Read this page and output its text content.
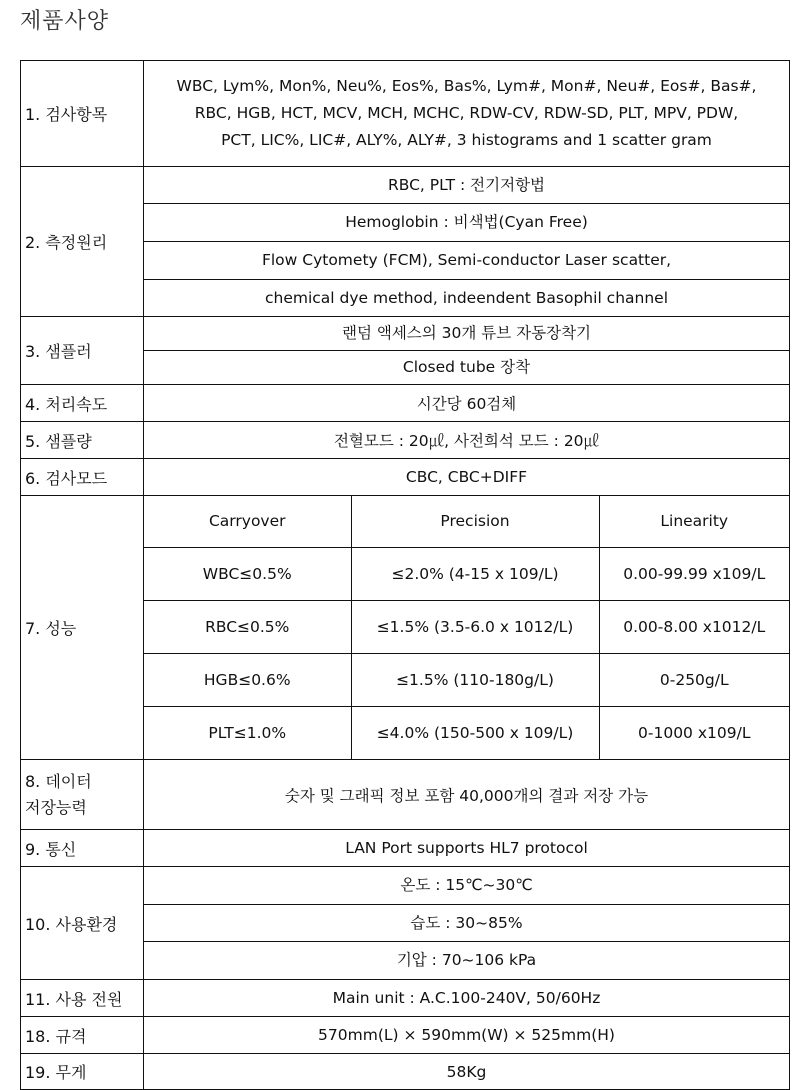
제품사양
1. 검사항목	
WBC, Lym%, Mon%, Neu%, Eos%, Bas%, Lym#, Mon#, Neu#, Eos#, Bas#,
RBC, HGB, HCT, MCV, MCH, MCHC, RDW-CV, RDW-SD, PLT, MPV, PDW,
PCT, LIC%, LIC#, ALY%, ALY#, 3 histograms and 1 scatter gram

2. 측정원리	
RBC, PLT : 전기저항법
Hemoglobin : 비색법(Cyan Free)
Flow Cytomety (FCM), Semi-conductor Laser scatter,
chemical dye method, indeendent Basophil channel

3. 샘플러	
랜덤 액세스의 30개 튜브 자동장착기
Closed tube 장착

4. 처리속도	시간당 60검체
5. 샘플량	전혈모드 : 20㎕, 사전희석 모드 : 20㎕
6. 검사모드	CBC, CBC+DIFF
7. 성능	
Carryover	Precision	Linearity
WBC≤0.5%	≤2.0% (4-15 x 109/L)	0.00-99.99 x109/L
RBC≤0.5%	≤1.5% (3.5-6.0 x 1012/L)	0.00-8.00 x1012/L
HGB≤0.6%	≤1.5% (110-180g/L)	0-250g/L
PLT≤1.0%	≤4.0% (150-500 x 109/L)	0-1000 x109/L

8. 데이터
저장능력
	숫자 및 그래픽 정보 포함 40,000개의 결과 저장 가능
9. 통신	LAN Port supports HL7 protocol
10. 사용환경	
온도 : 15℃~30℃
습도 : 30~85%
기압 : 70~106 kPa

11. 사용 전원	Main unit : A.C.100-240V, 50/60Hz
18. 규격	570mm(L) × 590mm(W) × 525mm(H)
19. 무게	58Kg
